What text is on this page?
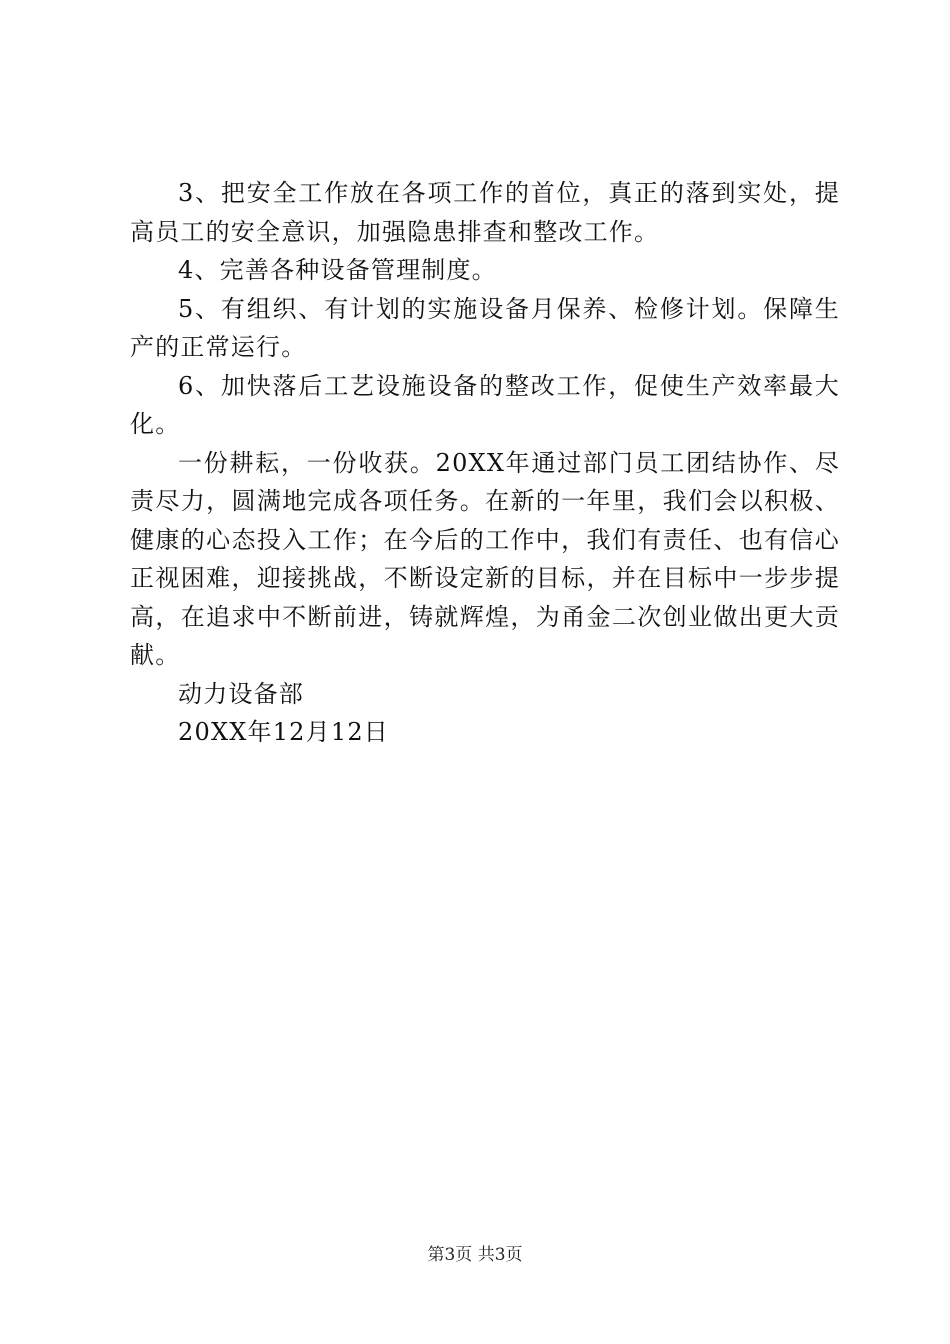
3、把安全工作放在各项工作的首位，真正的落到实处，提高员工的安全意识，加强隐患排查和整改工作。

4、完善各种设备管理制度。

5、有组织、有计划的实施设备月保养、检修计划。保障生产的正常运行。

6、加快落后工艺设施设备的整改工作，促使生产效率最大化。

一份耕耘，一份收获。20XX年通过部门员工团结协作、尽责尽力，圆满地完成各项任务。在新的一年里，我们会以积极、健康的心态投入工作；在今后的工作中，我们有责任、也有信心正视困难，迎接挑战，不断设定新的目标，并在目标中一步步提高，在追求中不断前进，铸就辉煌，为甬金二次创业做出更大贡献。

动力设备部

20XX年12月12日

第3页 共3页
